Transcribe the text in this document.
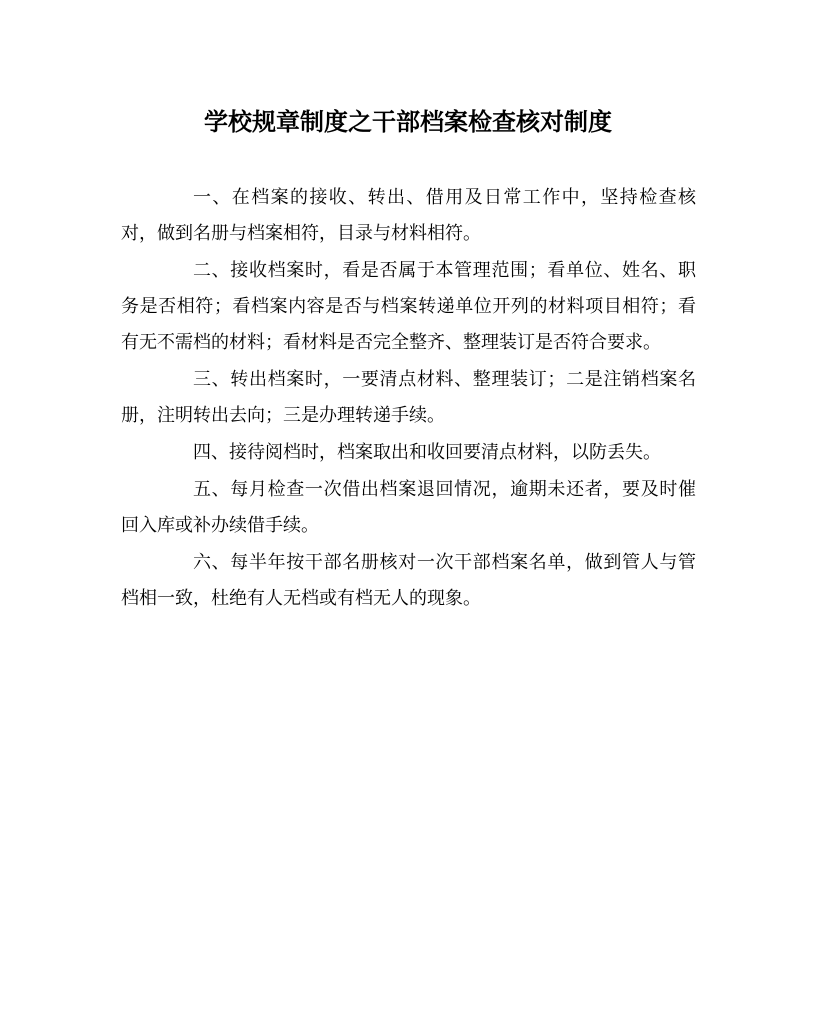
学校规章制度之干部档案检查核对制度

一、在档案的接收、转出、借用及日常工作中，坚持检查核对，做到名册与档案相符，目录与材料相符。

二、接收档案时，看是否属于本管理范围；看单位、姓名、职务是否相符；看档案内容是否与档案转递单位开列的材料项目相符；看有无不需档的材料；看材料是否完全整齐、整理装订是否符合要求。

三、转出档案时，一要清点材料、整理装订；二是注销档案名册，注明转出去向；三是办理转递手续。

四、接待阅档时，档案取出和收回要清点材料，以防丢失。

五、每月检查一次借出档案退回情况，逾期未还者，要及时催回入库或补办续借手续。

六、每半年按干部名册核对一次干部档案名单，做到管人与管档相一致，杜绝有人无档或有档无人的现象。
